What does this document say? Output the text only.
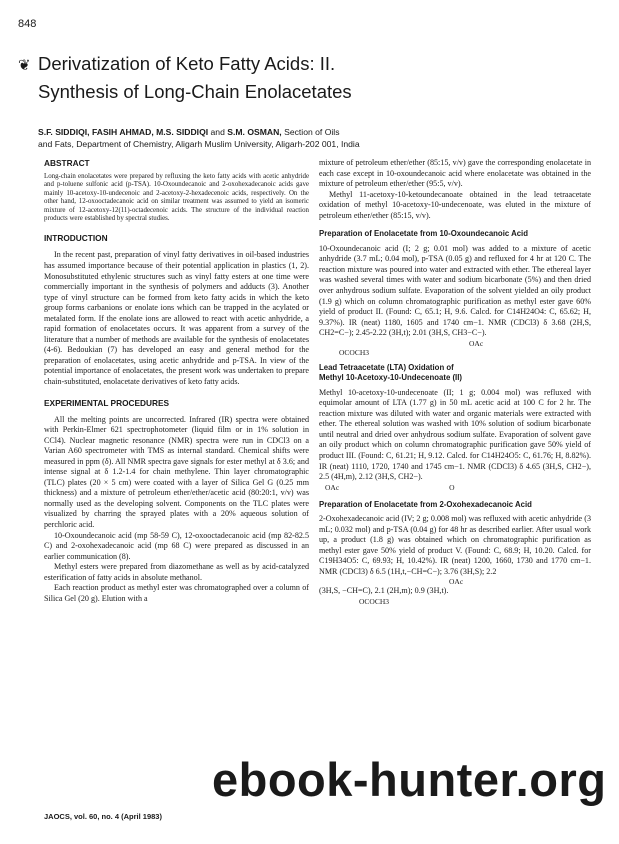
848
❦ Derivatization of Keto Fatty Acids: II.
Synthesis of Long-Chain Enolacetates
S.F. SIDDIQI, FASIH AHMAD, M.S. SIDDIQI and S.M. OSMAN, Section of Oils
and Fats, Department of Chemistry, Aligarh Muslim University, Aligarh-202 001, India
ABSTRACT

Long-chain enolacetates were prepared by refluxing the keto fatty acids with acetic anhydride and p-toluene sulfonic acid (p-TSA). 10-Oxoundecanoic and 2-oxohexadecanoic acids gave mainly 10-acetoxy-10-undecenoic and 2-acetoxy-2-hexadecenoic acids, respectively. On the other hand, 12-oxooctadecanoic acid on similar treatment was assumed to yield an isomeric mixture of 12-acetoxy-12(11)-octadecenoic acids. The structure of the individual reaction products were established by spectral studies.

INTRODUCTION

In the recent past, preparation of vinyl fatty derivatives in oil-based industries has assumed importance because of their potential application in plastics (1, 2). Monosubstituted ethylenic structures such as vinyl fatty esters at one time were commercially important in the synthesis of polymers and adducts (3). Another type of vinyl structure can be formed from keto fatty acids in which the keto group forms carbanions or enolate ions which can be trapped in the acylated or metalated form. If the enolate ions are allowed to react with acetic anhydride, a rapid formation of enolacetates occurs. It was apparent from a survey of the literature that a number of methods are available for the synthesis of enolacetates (4-6). Bedoukian (7) has developed an easy and general method for the preparation of enolacetates, using acetic anhydride and p-TSA. In view of the potential importance of enolacetates, the present work was undertaken to prepare chain-substituted, enolacetate derivatives of keto fatty acids.

EXPERIMENTAL PROCEDURES

All the melting points are uncorrected. Infrared (IR) spectra were obtained with Perkin-Elmer 621 spectrophotometer (liquid film or in 1% solution in CCl4). Nuclear magnetic resonance (NMR) spectra were run in CDCl3 on a Varian A60 spectrometer with TMS as internal standard. Chemical shifts were measured in ppm (δ). All NMR spectra gave signals for ester methyl at δ 3.6; and intense signal at δ 1.2-1.4 for chain methylene. Thin layer chromatographic (TLC) plates (20 × 5 cm) were coated with a layer of Silica Gel G (0.25 mm thickness) and a mixture of petroleum ether/ether/acetic acid (80:20:1, v/v) was normally used as the developing solvent. Components on the TLC plates were visualized by charring the sprayed plates with a 20% aqueous solution of perchloric acid.

10-Oxoundecanoic acid (mp 58-59 C), 12-oxooctadecanoic acid (mp 82-82.5 C) and 2-oxohexadecanoic acid (mp 68 C) were prepared as discussed in an earlier communication (8).

Methyl esters were prepared from diazomethane as well as by acid-catalyzed esterification of fatty acids in absolute methanol.

Each reaction product as methyl ester was chromatographed over a column of Silica Gel (20 g). Elution with a

mixture of petroleum ether/ether (85:15, v/v) gave the corresponding enolacetate in each case except in 10-oxoundecanoic acid where enolacetate was obtained in the mixture of petroleum ether/ether (95:5, v/v).

Methyl 11-acetoxy-10-ketoundecanoate obtained in the lead tetraacetate oxidation of methyl 10-acetoxy-10-undecenoate, was eluted in the mixture of petroleum ether/ether (85:15, v/v).

Preparation of Enolacetate from 10-Oxoundecanoic Acid

10-Oxoundecanoic acid (I; 2 g; 0.01 mol) was added to a mixture of acetic anhydride (3.7 mL; 0.04 mol), p-TSA (0.05 g) and refluxed for 4 hr at 120 C. The reaction mixture was poured into water and extracted with ether. The ethereal layer was washed several times with water and sodium bicarbonate (5%) and then dried over anhydrous sodium sulfate. Evaporation of the solvent yielded an oily product (1.9 g) which on column chromatographic purification as methyl ester gave 60% yield of product II. (Found: C, 65.1; H, 9.6. Calcd. for C14H24O4: C, 65.62; H, 9.37%). IR (neat) 1180, 1605 and 1740 cm−1. NMR (CDCl3) δ 3.68 (2H,S, CH2=C−); 2.45-2.22 (3H,t); 2.01 (3H,S, CH3−C−).

OAc
OCOCH3
Lead Tetraacetate (LTA) Oxidation of
Methyl 10-Acetoxy-10-Undecenoate (II)

Methyl 10-acetoxy-10-undecenoate (II; 1 g; 0.004 mol) was refluxed with equimolar amount of LTA (1.77 g) in 50 mL acetic acid at 100 C for 2 hr. The reaction mixture was diluted with water and organic materials were extracted with ether. The ethereal solution was washed with 10% solution of sodium bicarbonate until neutral and dried over anhydrous sodium sulfate. Evaporation of solvent gave an oily product which on column chromatographic purification gave 50% yield of product III. (Found: C, 61.21; H, 9.12. Calcd. for C14H24O5: C, 61.76; H, 8.82%). IR (neat) 1110, 1720, 1740 and 1745 cm−1. NMR (CDCl3) δ 4.65 (3H,S, CH2−), 2.5 (4H,m), 2.12 (3H,S, CH2−).

OAc	O
Preparation of Enolacetate from 2-Oxohexadecanoic Acid

2-Oxohexadecanoic acid (IV; 2 g; 0.008 mol) was refluxed with acetic anhydride (3 mL; 0.032 mol) and p-TSA (0.04 g) for 48 hr as described earlier. After usual work up, a product (1.8 g) was obtained which on chromatographic purification as methyl ester gave 50% yield of product V. (Found: C, 68.9; H, 10.20. Calcd. for C19H34O5: C, 69.93; H, 10.42%). IR (neat) 1200, 1660, 1730 and 1770 cm−1. NMR (CDCl3) δ 6.5 (1H,t,−CH=C−); 3.76 (3H,S); 2.2

OAc

(3H,S, −CH=C), 2.1 (2H,m); 0.9 (3H,t).

OCOCH3
JAOCS, vol. 60, no. 4 (April 1983)
ebook-hunter.org
